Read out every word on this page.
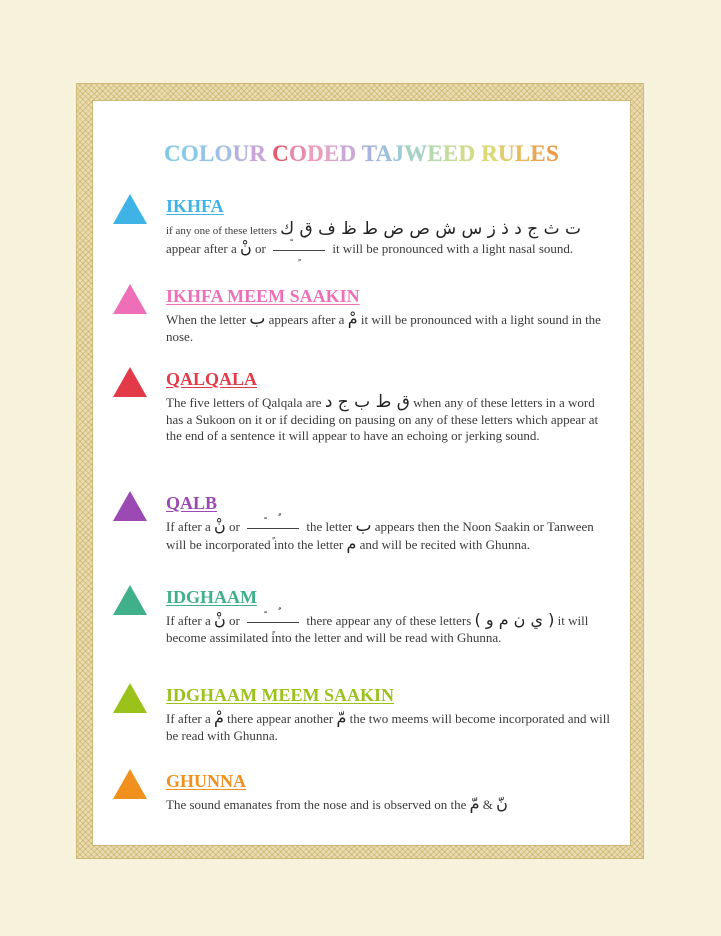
COLOUR CODED TAJWEED RULES
IKHFA

if any one of these letters ت ث ج د ذ ز س ش ص ض ط ظ ف ق ك
appear after a نْ or	it will be pronounced with a light nasal sound.

IKHFA MEEM SAAKIN

When the letter ب appears after a مْ it will be pronounced with a light sound in the nose.

QALQALA

The five letters of Qalqala are ق ط ب ج د when any of these letters in a word has a Sukoon on it or if deciding on pausing on any of these letters which appear at the end of a sentence it will appear to have an echoing or jerking sound.

QALB

If after a نْ or	the letter ب appears then the Noon Saakin or Tanween will be incorporated into the letter م and will be recited with Ghunna.

IDGHAAM

If after a نْ or	there appear any of these letters ( ي ن م و ) it will become assimilated into the letter and will be read with Ghunna.

IDGHAAM MEEM SAAKIN

If after a مْ there appear another مّ the two meems will become incorporated and will be read with Ghunna.

GHUNNA

The sound emanates from the nose and is observed on the نّ & مّ
